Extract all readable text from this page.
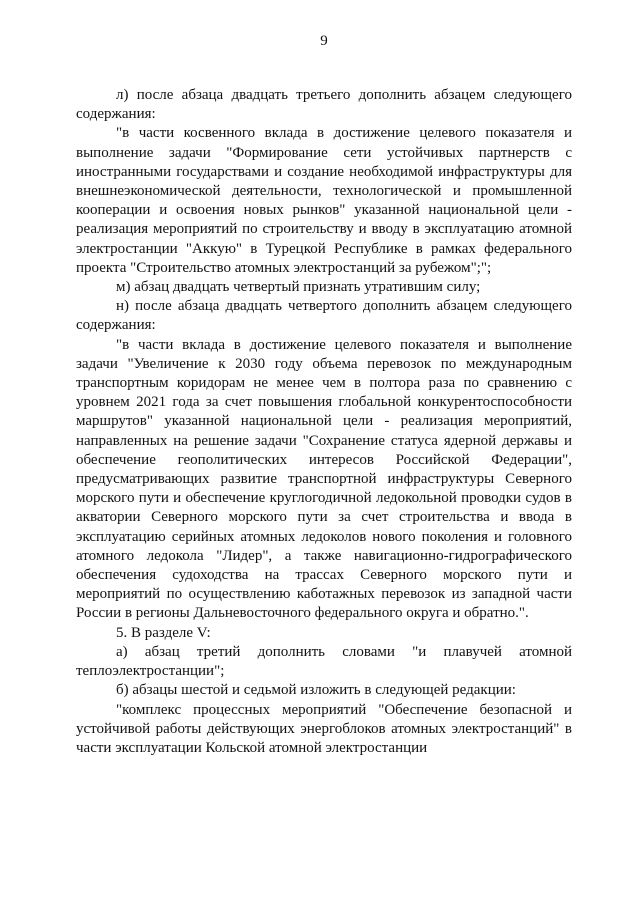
9

л) после абзаца двадцать третьего дополнить абзацем следующего содержания:

"в части косвенного вклада в достижение целевого показателя и выполнение задачи "Формирование сети устойчивых партнерств с иностранными государствами и создание необходимой инфраструктуры для внешнеэкономической деятельности, технологической и промышленной кооперации и освоения новых рынков" указанной национальной цели - реализация мероприятий по строительству и вводу в эксплуатацию атомной электростанции "Аккую" в Турецкой Республике в рамках федерального проекта "Строительство атомных электростанций за рубежом";";

м) абзац двадцать четвертый признать утратившим силу;

н) после абзаца двадцать четвертого дополнить абзацем следующего содержания:

"в части вклада в достижение целевого показателя и выполнение задачи "Увеличение к 2030 году объема перевозок по международным транспортным коридорам не менее чем в полтора раза по сравнению с уровнем 2021 года за счет повышения глобальной конкурентоспособности маршрутов" указанной национальной цели - реализация мероприятий, направленных на решение задачи "Сохранение статуса ядерной державы и обеспечение геополитических интересов Российской Федерации", предусматривающих развитие транспортной инфраструктуры Северного морского пути и обеспечение круглогодичной ледокольной проводки судов в акватории Северного морского пути за счет строительства и ввода в эксплуатацию серийных атомных ледоколов нового поколения и головного атомного ледокола "Лидер", а также навигационно-гидрографического обеспечения судоходства на трассах Северного морского пути и мероприятий по осуществлению каботажных перевозок из западной части России в регионы Дальневосточного федерального округа и обратно.".

5. В разделе V:

а) абзац третий дополнить словами "и плавучей атомной теплоэлектростанции";

б) абзацы шестой и седьмой изложить в следующей редакции:

"комплекс процессных мероприятий "Обеспечение безопасной и устойчивой работы действующих энергоблоков атомных электростанций" в части эксплуатации Кольской атомной электростанции
